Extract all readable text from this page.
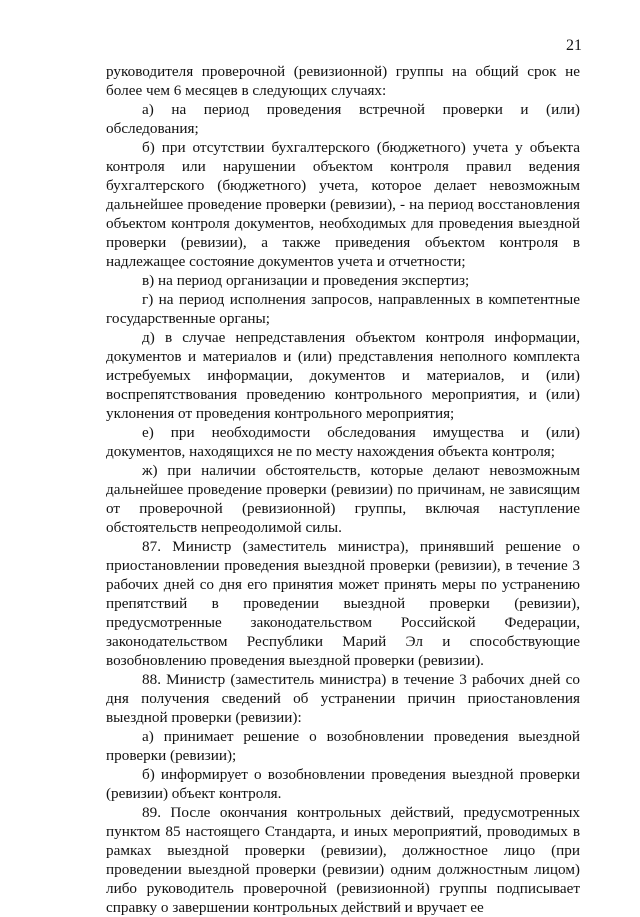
21

руководителя проверочной (ревизионной) группы на общий срок не более чем 6 месяцев в следующих случаях:

а) на период проведения встречной проверки и (или) обследования;

б) при отсутствии бухгалтерского (бюджетного) учета у объекта контроля или нарушении объектом контроля правил ведения бухгалтерского (бюджетного) учета, которое делает невозможным дальнейшее проведение проверки (ревизии), - на период восстановления объектом контроля документов, необходимых для проведения выездной проверки (ревизии), а также приведения объектом контроля в надлежащее состояние документов учета и отчетности;

в) на период организации и проведения экспертиз;

г) на период исполнения запросов, направленных в компетентные государственные органы;

д) в случае непредставления объектом контроля информации, документов и материалов и (или) представления неполного комплекта истребуемых информации, документов и материалов, и (или) воспрепятствования проведению контрольного мероприятия, и (или) уклонения от проведения контрольного мероприятия;

е) при необходимости обследования имущества и (или) документов, находящихся не по месту нахождения объекта контроля;

ж) при наличии обстоятельств, которые делают невозможным дальнейшее проведение проверки (ревизии) по причинам, не зависящим от проверочной (ревизионной) группы, включая наступление обстоятельств непреодолимой силы.

87. Министр (заместитель министра), принявший решение о приостановлении проведения выездной проверки (ревизии), в течение 3 рабочих дней со дня его принятия может принять меры по устранению препятствий в проведении выездной проверки (ревизии), предусмотренные законодательством Российской Федерации, законодательством Республики Марий Эл и способствующие возобновлению проведения выездной проверки (ревизии).

88. Министр (заместитель министра) в течение 3 рабочих дней со дня получения сведений об устранении причин приостановления выездной проверки (ревизии):

а) принимает решение о возобновлении проведения выездной проверки (ревизии);

б) информирует о возобновлении проведения выездной проверки (ревизии) объект контроля.

89. После окончания контрольных действий, предусмотренных пунктом 85 настоящего Стандарта, и иных мероприятий, проводимых в рамках выездной проверки (ревизии), должностное лицо (при проведении выездной проверки (ревизии) одним должностным лицом) либо руководитель проверочной (ревизионной) группы подписывает справку о завершении контрольных действий и вручает ее
